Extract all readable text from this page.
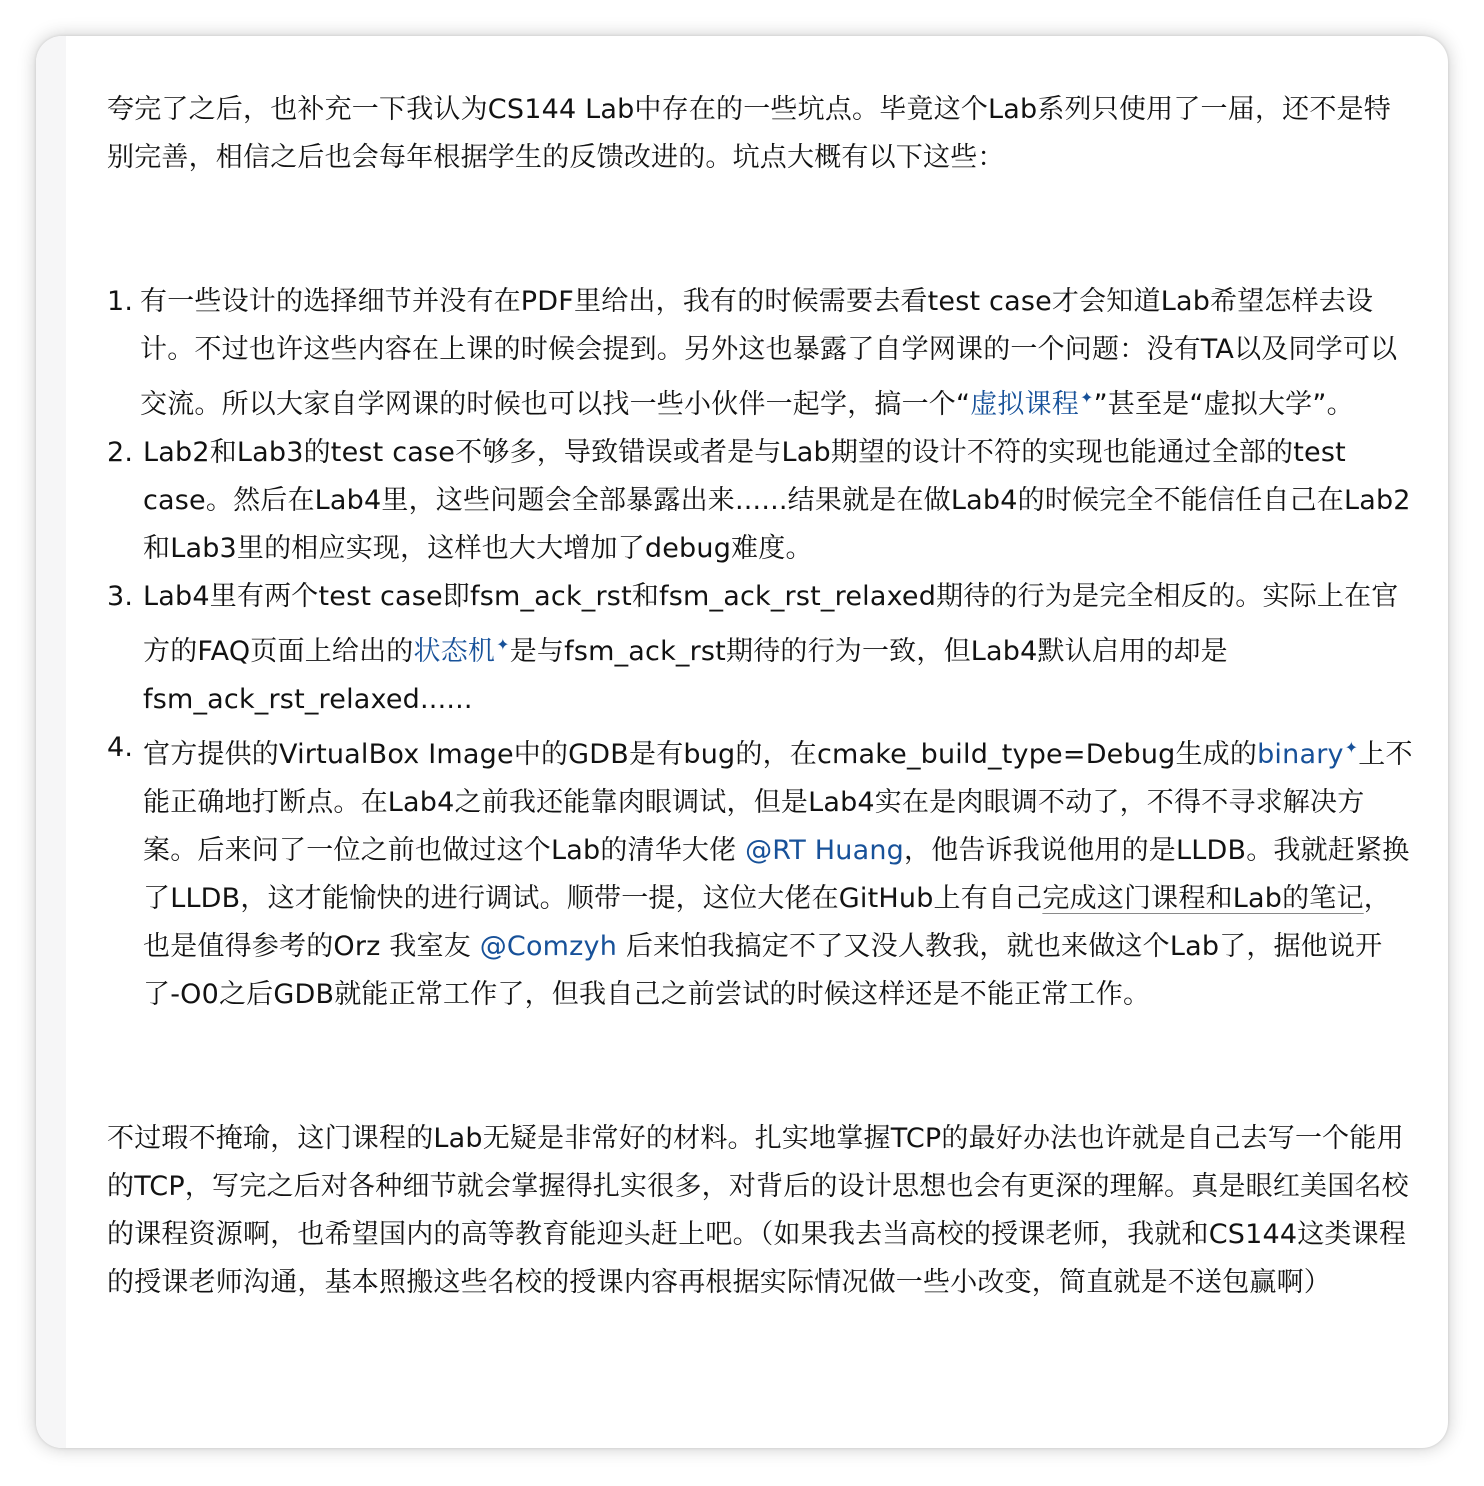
夸完了之后，也补充一下我认为CS144 Lab中存在的一些坑点。毕竟这个Lab系列只使用了一届，还不是特别完善，相信之后也会每年根据学生的反馈改进的。坑点大概有以下这些：

有一些设计的选择细节并没有在PDF里给出，我有的时候需要去看test case才会知道Lab希望怎样去设计。不过也许这些内容在上课的时候会提到。另外这也暴露了自学网课的一个问题：没有TA以及同学可以交流。所以大家自学网课的时候也可以找一些小伙伴一起学，搞一个“虚拟课程✦”甚至是“虚拟大学”。
Lab2和Lab3的test case不够多，导致错误或者是与Lab期望的设计不符的实现也能通过全部的test case。然后在Lab4里，这些问题会全部暴露出来......结果就是在做Lab4的时候完全不能信任自己在Lab2和Lab3里的相应实现，这样也大大增加了debug难度。
Lab4里有两个test case即fsm_ack_rst和fsm_ack_rst_relaxed期待的行为是完全相反的。实际上在官方的FAQ页面上给出的状态机✦是与fsm_ack_rst期待的行为一致，但Lab4默认启用的却是fsm_ack_rst_relaxed......
官方提供的VirtualBox Image中的GDB是有bug的，在cmake_build_type=Debug生成的binary✦上不能正确地打断点。在Lab4之前我还能靠肉眼调试，但是Lab4实在是肉眼调不动了，不得不寻求解决方案。后来问了一位之前也做过这个Lab的清华大佬 @RT Huang，他告诉我说他用的是LLDB。我就赶紧换了LLDB，这才能愉快的进行调试。顺带一提，这位大佬在GitHub上有自己完成这门课程和Lab的笔记，也是值得参考的Orz 我室友 @Comzyh 后来怕我搞定不了又没人教我，就也来做这个Lab了，据他说开了-O0之后GDB就能正常工作了，但我自己之前尝试的时候这样还是不能正常工作。

不过瑕不掩瑜，这门课程的Lab无疑是非常好的材料。扎实地掌握TCP的最好办法也许就是自己去写一个能用的TCP，写完之后对各种细节就会掌握得扎实很多，对背后的设计思想也会有更深的理解。真是眼红美国名校的课程资源啊，也希望国内的高等教育能迎头赶上吧。（如果我去当高校的授课老师，我就和CS144这类课程的授课老师沟通，基本照搬这些名校的授课内容再根据实际情况做一些小改变，简直就是不送包赢啊）
